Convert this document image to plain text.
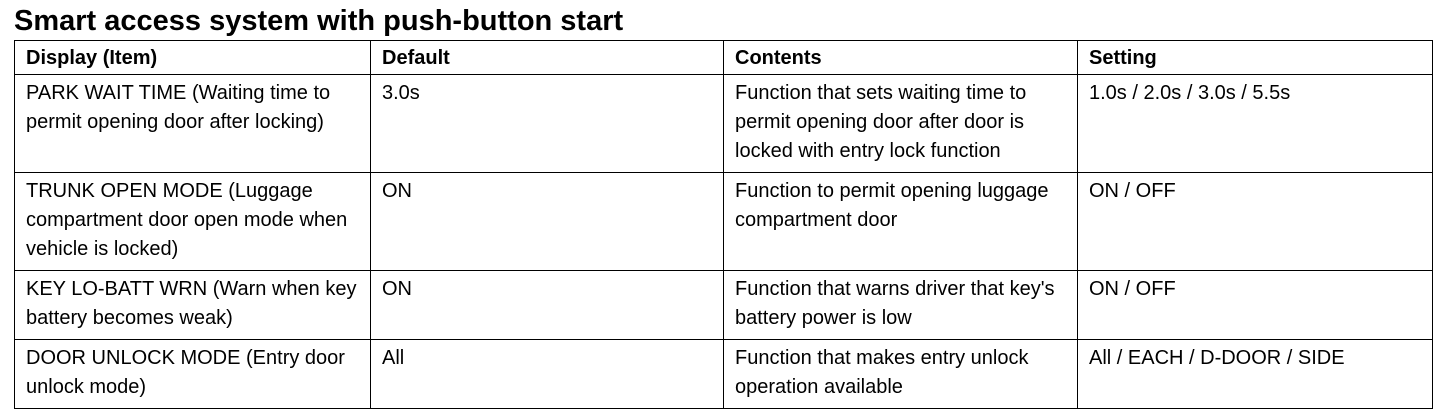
Smart access system with push-button start
Display (Item)	Default	Contents	Setting
PARK WAIT TIME (Waiting time to permit opening door after locking)	3.0s	Function that sets waiting time to permit opening door after door is locked with entry lock function	1.0s / 2.0s / 3.0s / 5.5s
TRUNK OPEN MODE (Luggage compartment door open mode when vehicle is locked)	ON	Function to permit opening luggage compartment door	ON / OFF
KEY LO-BATT WRN (Warn when key battery becomes weak)	ON	Function that warns driver that key's battery power is low	ON / OFF
DOOR UNLOCK MODE (Entry door unlock mode)	All	Function that makes entry unlock operation available	All / EACH / D-DOOR / SIDE
